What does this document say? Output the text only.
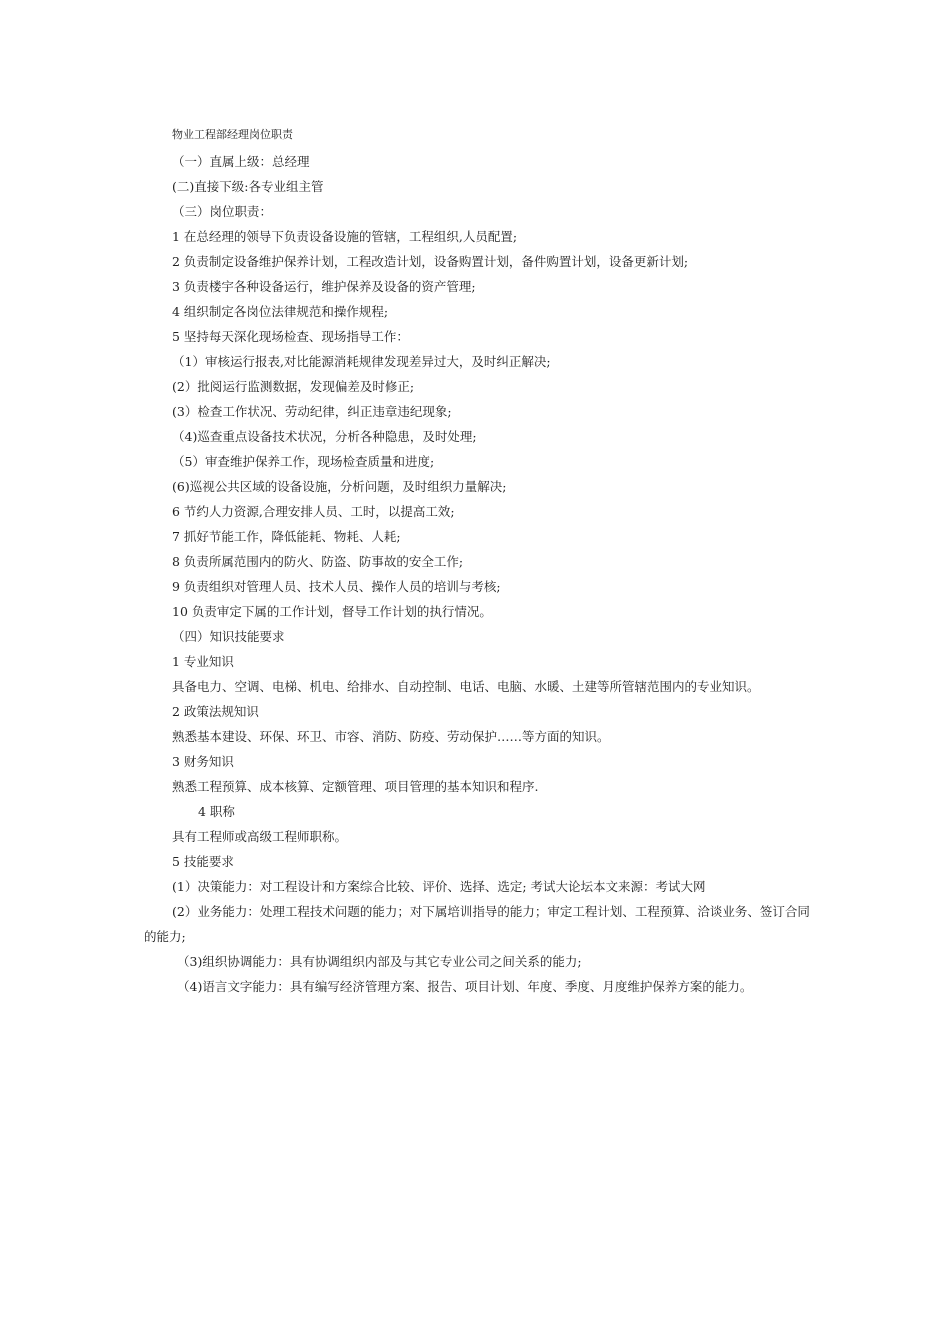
物业工程部经理岗位职责
（一）直属上级：总经理
(二)直接下级:各专业组主管
（三）岗位职责：
1 在总经理的领导下负责设备设施的管辖，工程组织,人员配置;
2 负责制定设备维护保养计划，工程改造计划，设备购置计划，备件购置计划，设备更新计划;
3 负责楼宇各种设备运行，维护保养及设备的资产管理;
4 组织制定各岗位法律规范和操作规程;
5 坚持每天深化现场检查、现场指导工作：
（1）审核运行报表,对比能源消耗规律发现差异过大，及时纠正解决;
(2）批阅运行监测数据，发现偏差及时修正;
(3）检查工作状况、劳动纪律，纠正违章违纪现象;
（4)巡查重点设备技术状况，分析各种隐患，及时处理;
（5）审查维护保养工作，现场检查质量和进度;
(6)巡视公共区域的设备设施，分析问题，及时组织力量解决;
6 节约人力资源,合理安排人员、工时，以提高工效;
7 抓好节能工作，降低能耗、物耗、人耗;
8 负责所属范围内的防火、防盗、防事故的安全工作;
9 负责组织对管理人员、技术人员、操作人员的培训与考核;
10 负责审定下属的工作计划，督导工作计划的执行情况。
（四）知识技能要求
1 专业知识
具备电力、空调、电梯、机电、给排水、自动控制、电话、电脑、水暖、土建等所管辖范围内的专业知识。
2 政策法规知识
熟悉基本建设、环保、环卫、市容、消防、防疫、劳动保护……等方面的知识。
3 财务知识
熟悉工程预算、成本核算、定额管理、项目管理的基本知识和程序.
4 职称
具有工程师或高级工程师职称。
5 技能要求
(1）决策能力：对工程设计和方案综合比较、评价、选择、选定; 考试大论坛本文来源：考试大网
(2）业务能力：处理工程技术问题的能力；对下属培训指导的能力；审定工程计划、工程预算、洽谈业务、签订合同的能力;
（3)组织协调能力：具有协调组织内部及与其它专业公司之间关系的能力;
（4)语言文字能力：具有编写经济管理方案、报告、项目计划、年度、季度、月度维护保养方案的能力。
